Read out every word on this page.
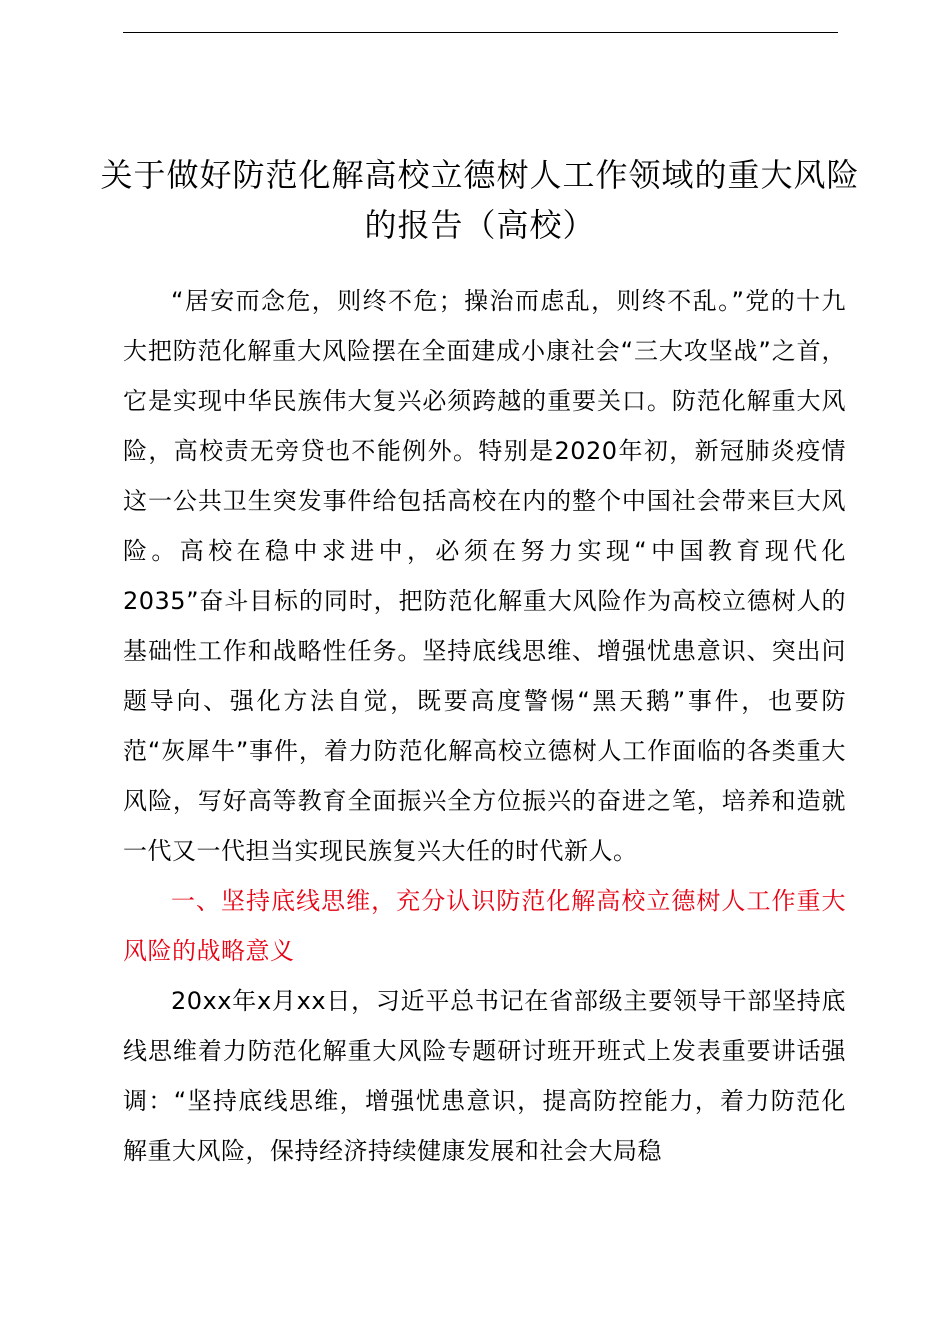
关于做好防范化解高校立德树人工作领域的重大风险的报告（高校）

“居安而念危，则终不危；操治而虑乱，则终不乱。”党的十九大把防范化解重大风险摆在全面建成小康社会“三大攻坚战”之首，它是实现中华民族伟大复兴必须跨越的重要关口。防范化解重大风险，高校责无旁贷也不能例外。特别是2020年初，新冠肺炎疫情这一公共卫生突发事件给包括高校在内的整个中国社会带来巨大风险。高校在稳中求进中，必须在努力实现“中国教育现代化2035”奋斗目标的同时，把防范化解重大风险作为高校立德树人的基础性工作和战略性任务。坚持底线思维、增强忧患意识、突出问题导向、强化方法自觉，既要高度警惕“黑天鹅”事件，也要防范“灰犀牛”事件，着力防范化解高校立德树人工作面临的各类重大风险，写好高等教育全面振兴全方位振兴的奋进之笔，培养和造就一代又一代担当实现民族复兴大任的时代新人。

一、坚持底线思维，充分认识防范化解高校立德树人工作重大风险的战略意义

20xx年x月xx日，习近平总书记在省部级主要领导干部坚持底线思维着力防范化解重大风险专题研讨班开班式上发表重要讲话强调：“坚持底线思维，增强忧患意识，提高防控能力，着力防范化解重大风险，保持经济持续健康发展和社会大局稳
